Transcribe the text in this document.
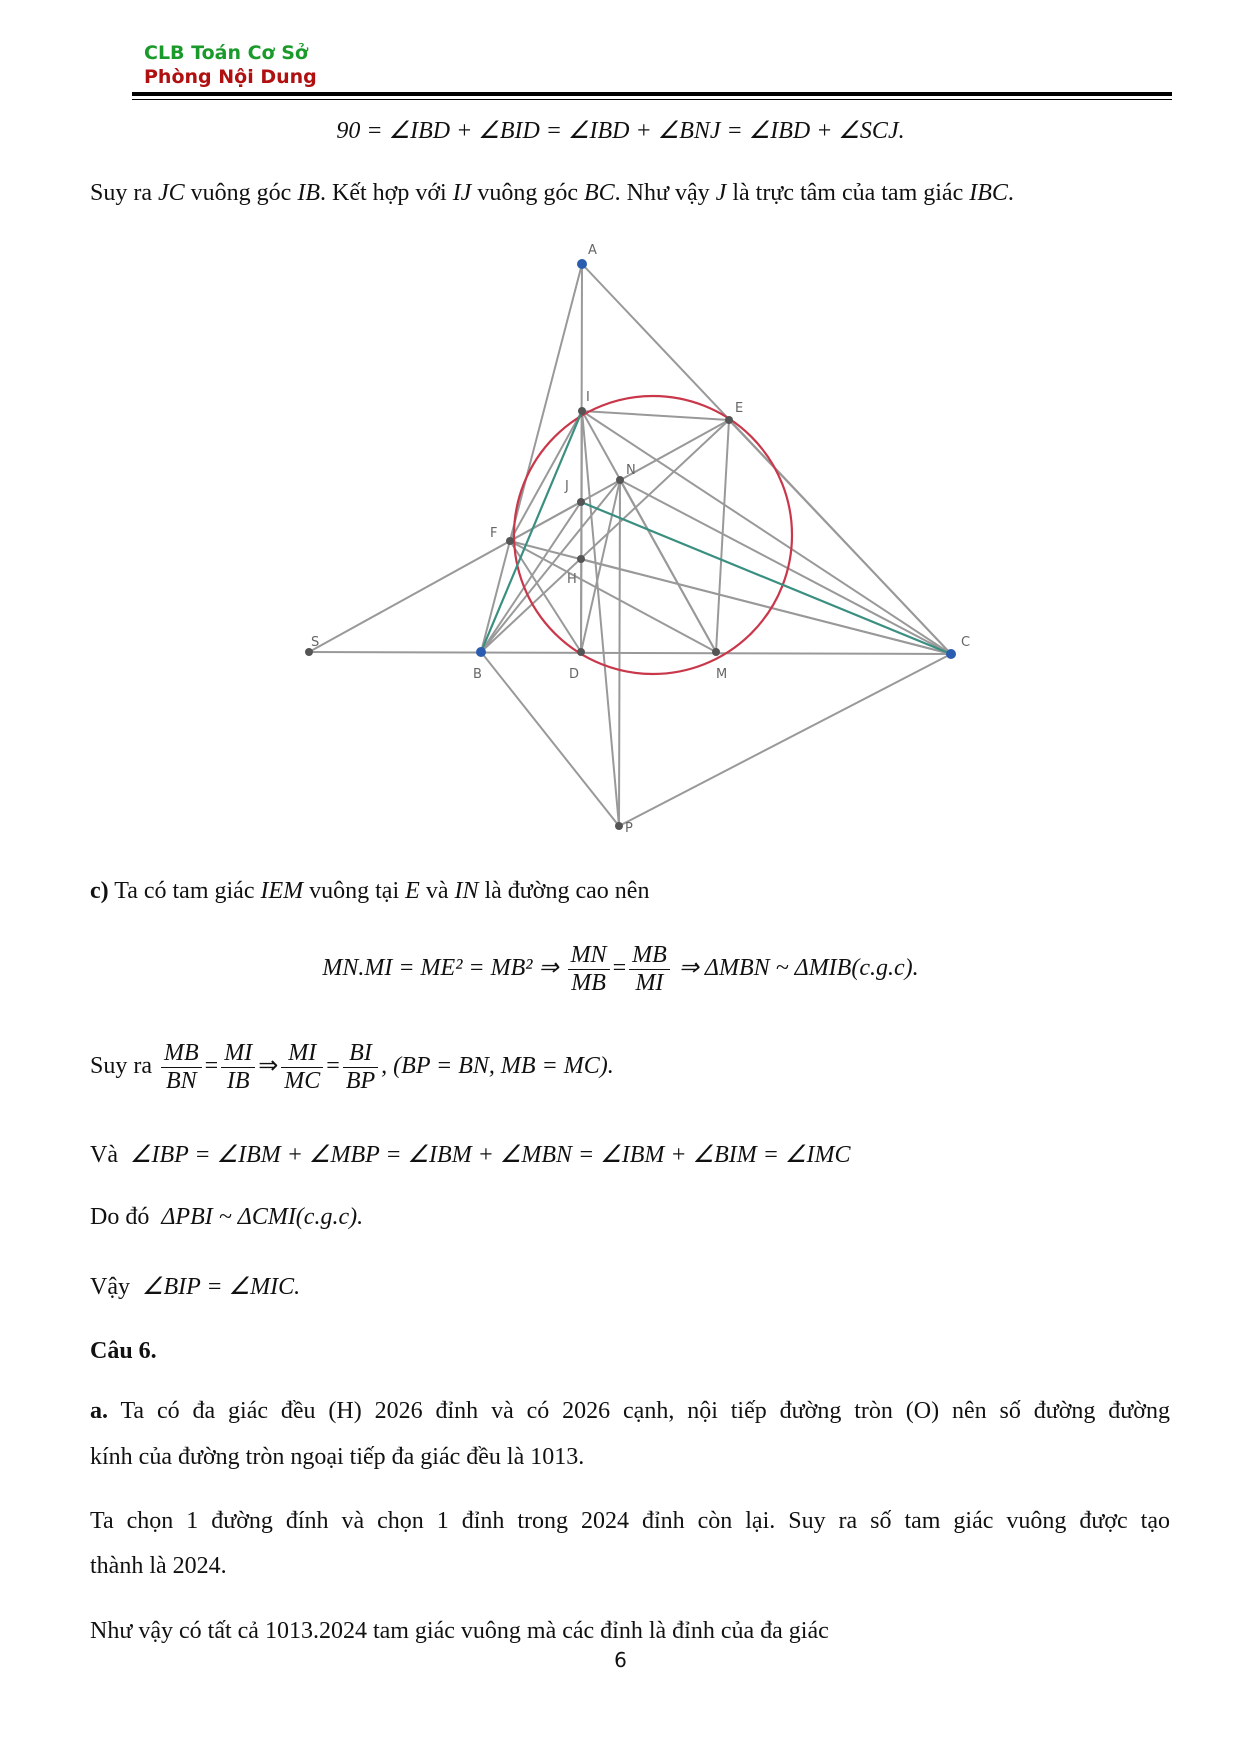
CLB Toán Cơ Sở
Phòng Nội Dung
90 = ∠IBD + ∠BID = ∠IBD + ∠BNJ = ∠IBD + ∠SCJ.
Suy ra JC vuông góc IB. Kết hợp với IJ vuông góc BC. Như vậy J là trực tâm của tam giác IBC.
A
I
E
N
J
F
H
S
B	D	M
C
P
c) Ta có tam giác IEM vuông tại E và IN là đường cao nên
MN.MI = ME² = MB² ⇒ $\frac{MN}{MB} = \frac{MB}{MI}$ ⇒ ΔMBN ~ ΔMIB(c.g.c).
Suy ra $\frac{MB}{BN} = \frac{MI}{IB}$ ⇒ $\frac{MI}{MC} = \frac{BI}{BP}$ , (BP = BN, MB = MC).
Và ∠IBP = ∠IBM + ∠MBP = ∠IBM + ∠MBN = ∠IBM + ∠BIM = ∠IMC
Do đó ΔPBI ~ ΔCMI(c.g.c).
Vậy ∠BIP = ∠MIC.
Câu 6.
a. Ta có đa giác đều (H) 2026 đỉnh và có 2026 cạnh, nội tiếp đường tròn (O) nên số đường đường
kính của đường tròn ngoại tiếp đa giác đều là 1013.
Ta chọn 1 đường đính và chọn 1 đỉnh trong 2024 đỉnh còn lại. Suy ra số tam giác vuông được tạo
thành là 2024.
Như vậy có tất cả 1013.2024 tam giác vuông mà các đỉnh là đỉnh của đa giác
6
